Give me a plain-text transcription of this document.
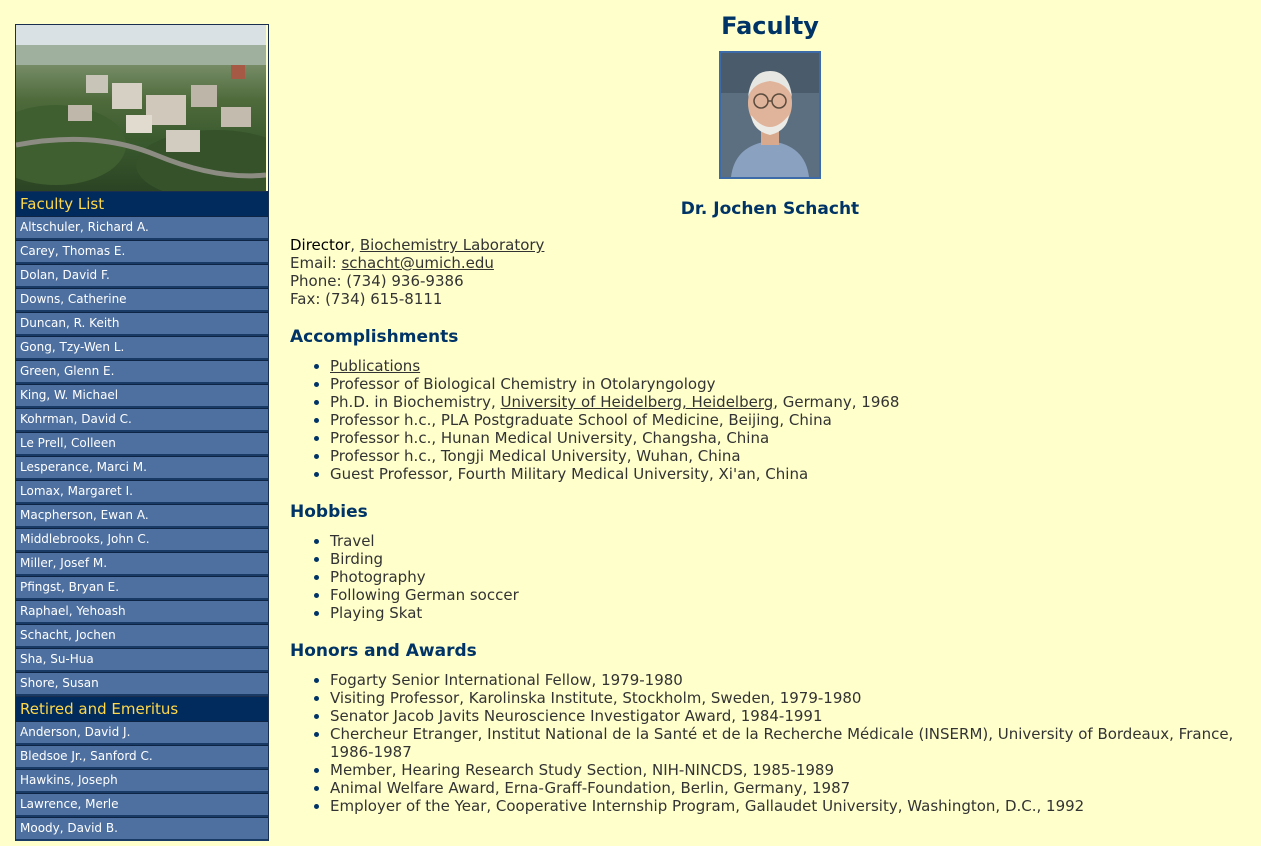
Faculty List
Altschuler, Richard A.
Carey, Thomas E.
Dolan, David F.
Downs, Catherine
Duncan, R. Keith
Gong, Tzy-Wen L.
Green, Glenn E.
King, W. Michael
Kohrman, David C.
Le Prell, Colleen
Lesperance, Marci M.
Lomax, Margaret I.
Macpherson, Ewan A.
Middlebrooks, John C.
Miller, Josef M.
Pfingst, Bryan E.
Raphael, Yehoash
Schacht, Jochen
Sha, Su-Hua
Shore, Susan
Retired and Emeritus
Anderson, David J.
Bledsoe Jr., Sanford C.
Hawkins, Joseph
Lawrence, Merle
Moody, David B.
Faculty
Dr. Jochen Schacht
Director, Biochemistry Laboratory
Email: schacht@umich.edu
Phone: (734) 936-9386
Fax: (734) 615-8111
Accomplishments
• Publications
• Professor of Biological Chemistry in Otolaryngology
• Ph.D. in Biochemistry, University of Heidelberg, Heidelberg, Germany, 1968
• Professor h.c., PLA Postgraduate School of Medicine, Beijing, China
• Professor h.c., Hunan Medical University, Changsha, China
• Professor h.c., Tongji Medical University, Wuhan, China
• Guest Professor, Fourth Military Medical University, Xi'an, China
Hobbies
• Travel
• Birding
• Photography
• Following German soccer
• Playing Skat
Honors and Awards
• Fogarty Senior International Fellow, 1979-1980
• Visiting Professor, Karolinska Institute, Stockholm, Sweden, 1979-1980
• Senator Jacob Javits Neuroscience Investigator Award, 1984-1991
• Chercheur Etranger, Institut National de la Santé et de la Recherche Médicale (INSERM), University of Bordeaux, France, 1986-1987
• Member, Hearing Research Study Section, NIH-NINCDS, 1985-1989
• Animal Welfare Award, Erna-Graff-Foundation, Berlin, Germany, 1987
• Employer of the Year, Cooperative Internship Program, Gallaudet University, Washington, D.C., 1992
